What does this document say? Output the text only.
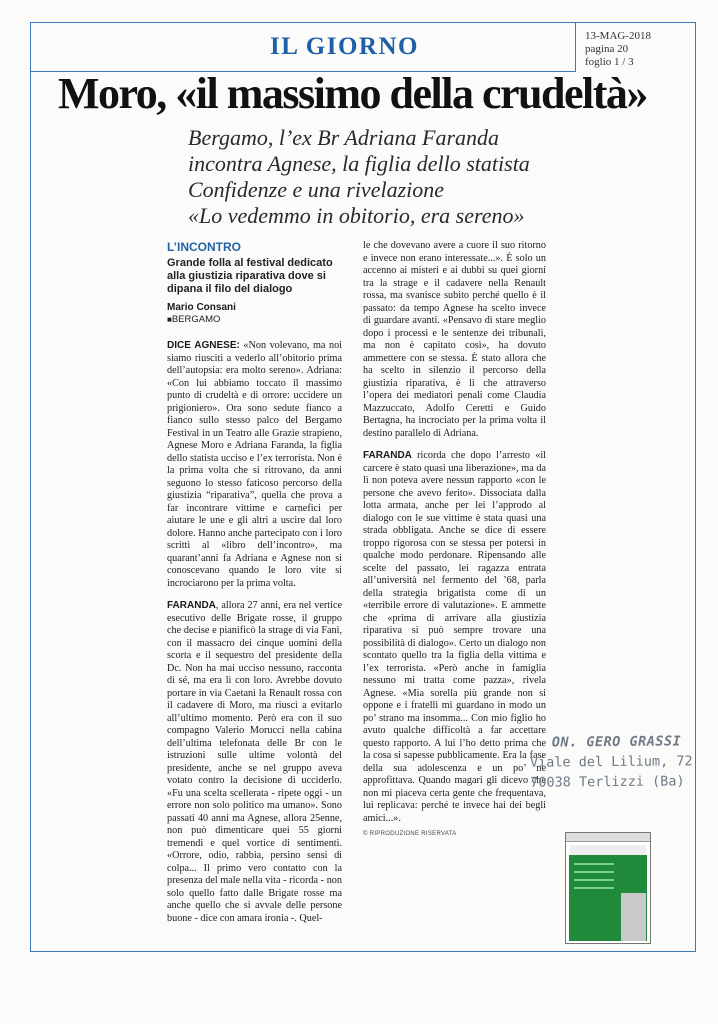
IL GIORNO	13-MAG-2018
pagina 20
foglio 1 / 3
Moro, «il massimo della crudeltà»
Bergamo, l’ex Br Adriana Faranda
incontra Agnese, la figlia dello statista
Confidenze e una rivelazione
«Lo vedemmo in obitorio, era sereno»
L’INCONTRO
Grande folla al festival dedicato alla giustizia riparativa dove si dipana il filo del dialogo
Mario Consani
■ BERGAMO

DICE AGNESE: «Non volevano, ma noi siamo riusciti a vederlo all’obitorio prima dell’autopsia: era molto sereno». Adriana: «Con lui abbiamo toccato il massimo punto di crudeltà e di orrore: uccidere un prigioniero». Ora sono sedute fianco a fianco sullo stesso palco del Bergamo Festival in un Teatro alle Grazie strapieno, Agnese Moro e Adriana Faranda, la figlia dello statista ucciso e l’ex terrorista. Non è la prima volta che si ritrovano, da anni seguono lo stesso faticoso percorso della giustizia “riparativa”, quella che prova a far incontrare vittime e carnefici per aiutare le une e gli altri a uscire dal loro dolore. Hanno anche partecipato con i loro scritti al «libro dell’incontro», ma quarant’anni fa Adriana e Agnese non si conoscevano quando le loro vite si incrociarono per la prima volta.

FARANDA, allora 27 anni, era nel vertice esecutivo delle Brigate rosse, il gruppo che decise e pianificò la strage di via Fani, con il massacro dei cinque uomini della scorta e il sequestro del presidente della Dc. Non ha mai ucciso nessuno, racconta di sé, ma era lì con loro. Avrebbe dovuto portare in via Caetani la Renault rossa con il cadavere di Moro, ma riuscì a evitarlo all’ultimo momento. Però era con il suo compagno Valerio Morucci nella cabina dell’ultima telefonata delle Br con le istruzioni sulle ultime volontà del presidente, anche se nel gruppo aveva votato contro la decisione di ucciderlo. «Fu una scelta scellerata - ripete oggi - un errore non solo politico ma umano». Sono passati 40 anni ma Agnese, allora 25enne, non può dimenticare quei 55 giorni tremendi e quel vortice di sentimenti. «Orrore, odio, rabbia, persino sensi di colpa... Il primo vero contatto con la presenza del male nella vita - ricorda - non solo quello fatto dalle Brigate rosse ma anche quello che si avvale delle persone buone - dice con amara ironia -. Quel-

le che dovevano avere a cuore il suo ritorno e invece non erano interessate...». È solo un accenno ai misteri e ai dubbi su quei giorni tra la strage e il cadavere nella Renault rossa, ma svanisce subito perché quello è il passato: da tempo Agnese ha scelto invece di guardare avanti. «Pensavo di stare meglio dopo i processi e le sentenze dei tribunali, ma non è capitato così», ha dovuto ammettere con se stessa. È stato allora che ha scelto in silenzio il percorso della giustizia riparativa, è lì che attraverso l’opera dei mediatori penali come Claudia Mazzuccato, Adolfo Ceretti e Guido Bertagna, ha incrociato per la prima volta il destino parallelo di Adriana.

FARANDA ricorda che dopo l’arresto «il carcere è stato quasi una liberazione», ma da lì non poteva avere nessun rapporto «con le persone che avevo ferito». Dissociata dalla lotta armata, anche per lei l’approdo al dialogo con le sue vittime è stata quasi una strada obbligata. Anche se dice di essere troppo rigorosa con se stessa per potersi in qualche modo perdonare. Ripensando alle scelte del passato, lei ragazza entrata all’università nel fermento del ’68, parla della strategia brigatista come di un «terribile errore di valutazione». E ammette che «prima di arrivare alla giustizia riparativa si può sempre trovare una possibilità di dialogo». Certo un dialogo non scontato quello tra la figlia della vittima e l’ex terrorista. «Però anche in famiglia nessuno mi tratta come pazza», rivela Agnese. «Mia sorella più grande non si oppone e i fratelli mi guardano in modo un po’ strano ma insomma... Con mio figlio ho avuto qualche difficoltà a far accettare questo rapporto. A lui l’ho detto prima che la cosa si sapesse pubblicamente. Era la fase della sua adolescenza e un po’ ne approfittava. Quando magari gli dicevo che non mi piaceva certa gente che frequentava, lui replicava: perché te invece hai dei begli amici...».

© RIPRODUZIONE RISERVATA
ON. GERO GRASSI
Viale del Lilium, 72
70038 Terlizzi (Ba)
